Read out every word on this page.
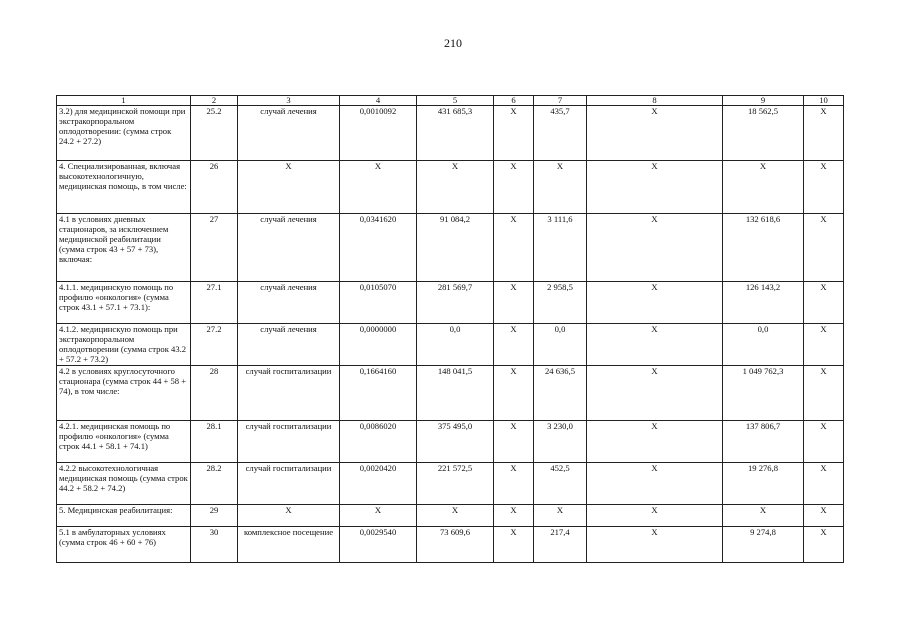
210
1	2	3	4	5	6	7	8	9	10
3.2) для медицинской помощи при экстракорпоральном оплодотворении: (сумма строк 24.2 + 27.2)	25.2	случай лечения	0,0010092	431 685,3	X	435,7	X	18 562,5	X
4. Специализированная, включая высокотехнологичную, медицинская помощь, в том числе:	26	X	X	X	X	X	X	X	X
4.1 в условиях дневных стационаров, за исключением медицинской реабилитации (сумма строк 43 + 57 + 73), включая:	27	случай лечения	0,0341620	91 084,2	X	3 111,6	X	132 618,6	X
4.1.1. медицинскую помощь по профилю «онкология» (сумма строк 43.1 + 57.1 + 73.1):	27.1	случай лечения	0,0105070	281 569,7	X	2 958,5	X	126 143,2	X
4.1.2. медицинскую помощь при экстракорпоральном оплодотворении (сумма строк 43.2 + 57.2 + 73.2)	27.2	случай лечения	0,0000000	0,0	X	0,0	X	0,0	X
4.2 в условиях круглосуточного стационара (сумма строк 44 + 58 + 74), в том числе:	28	случай госпитализации	0,1664160	148 041,5	X	24 636,5	X	1 049 762,3	X
4.2.1. медицинская помощь по профилю «онкология» (сумма строк 44.1 + 58.1 + 74.1)	28.1	случай госпитализации	0,0086020	375 495,0	X	3 230,0	X	137 806,7	X
4.2.2 высокотехнологичная медицинская помощь (сумма строк 44.2 + 58.2 + 74.2)	28.2	случай госпитализации	0,0020420	221 572,5	X	452,5	X	19 276,8	X
5. Медицинская реабилитация:	29	X	X	X	X	X	X	X	X
5.1 в амбулаторных условиях (сумма строк 46 + 60 + 76)	30	комплексное посещение	0,0029540	73 609,6	X	217,4	X	9 274,8	X
